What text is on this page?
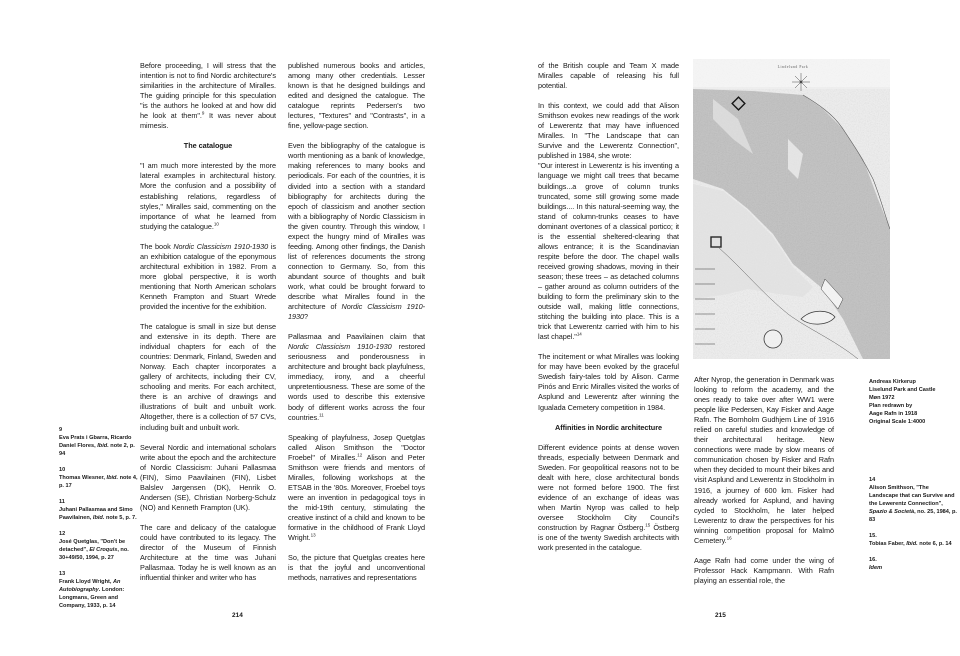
9
Eva Prats i Gbarra, Ricardo Daniel Flores, Ibid. note 2, p. 94
10
Thomas Wiesner, Ibid. note 4, p. 17
11
Juhani Pallasmaa and Simo Paavilainen, Ibid. note 5, p. 7.
12
José Quetglas, "Don't be detached", El Croquis, no. 30+49/50, 1994, p. 27
13
Frank Lloyd Wright, An Autobiography. London: Longmans, Green and Company, 1933, p. 14

Before proceeding, I will stress that the intention is not to find Nordic architecture's similarities in the architecture of Miralles. The guiding principle for this speculation "is the authors he looked at and how did he look at them".$^9$ It was never about mimesis.

The catalogue

"I am much more interested by the more lateral examples in architectural history. More the confusion and a possibility of establishing relations, regardless of styles," Miralles said, commenting on the importance of what he learned from studying the catalogue.$^{10}$

The book Nordic Classicism 1910-1930 is an exhibition catalogue of the eponymous architectural exhibition in 1982. From a more global perspective, it is worth mentioning that North American scholars Kenneth Frampton and Stuart Wrede provided the incentive for the exhibition.

The catalogue is small in size but dense and extensive in its depth. There are individual chapters for each of the countries: Denmark, Finland, Sweden and Norway. Each chapter incorporates a gallery of architects, including their CV, schooling and merits. For each architect, there is an archive of drawings and illustrations of built and unbuilt work. Altogether, there is a collection of 57 CVs, including built and unbuilt work.

Several Nordic and international scholars write about the epoch and the architecture of Nordic Classicism: Juhani Pallasmaa (FIN), Simo Paavilainen (FIN), Lisbet Balslev Jørgensen (DK), Henrik O. Andersen (SE), Christian Norberg-Schulz (NO) and Kenneth Frampton (UK).

The care and delicacy of the catalogue could have contributed to its legacy. The director of the Museum of Finnish Architecture at the time was Juhani Pallasmaa. Today he is well known as an influential thinker and writer who has

published numerous books and articles, among many other credentials. Lesser known is that he designed buildings and edited and designed the catalogue. The catalogue reprints Pedersen's two lectures, "Textures" and "Contrasts", in a fine, yellow-page section.

Even the bibliography of the catalogue is worth mentioning as a bank of knowledge, making references to many books and periodicals. For each of the countries, it is divided into a section with a standard bibliography for architects during the epoch of classicism and another section with a bibliography of Nordic Classicism in the given country. Through this window, I expect the hungry mind of Miralles was feeding. Among other findings, the Danish list of references documents the strong connection to Germany. So, from this abundant source of thoughts and built work, what could be brought forward to describe what Miralles found in the architecture of Nordic Classicism 1910-1930?

Pallasmaa and Paavilainen claim that Nordic Classicism 1910-1930 restored seriousness and ponderousness in architecture and brought back playfulness, immediacy, irony, and a cheerful unpretentiousness. These are some of the words used to describe this extensive body of different works across the four countries.$^{11}$

Speaking of playfulness, Josep Quetglas called Alison Smithson the "Doctor Froebel" of Miralles.$^{12}$ Alison and Peter Smithson were friends and mentors of Miralles, following workshops at the ETSAB in the '80s. Moreover, Froebel toys were an invention in pedagogical toys in the mid-19th century, stimulating the creative instinct of a child and known to be formative in the childhood of Frank Lloyd Wright.$^{13}$

So, the picture that Quetglas creates here is that the joyful and unconventional methods, narratives and representations

214

of the British couple and Team X made Miralles capable of releasing his full potential.

In this context, we could add that Alison Smithson evokes new readings of the work of Lewerentz that may have influenced Miralles. In "The Landscape that can Survive and the Lewerentz Connection", published in 1984, she wrote:

"Our interest in Lewerentz is his inventing a language we might call trees that became buildings...a grove of column trunks truncated, some still growing some made buildings.... In this natural-seeming way, the stand of column-trunks ceases to have dominant overtones of a classical portico; it is the essential sheltered-clearing that allows entrance; it is the Scandinavian respite before the door. The chapel walls received growing shadows, moving in their season; these trees – as detached columns – gather around as column outriders of the building to form the preliminary skin to the outside wall, making little connections, stitching the building into place. This is a trick that Lewerentz carried with him to his last chapel."$^{14}$

The incitement or what Miralles was looking for may have been evoked by the graceful Swedish fairy-tales told by Alison. Carme Pinós and Enric Miralles visited the works of Asplund and Lewerentz after winning the Igualada Cemetery competition in 1984.

Affinities in Nordic architecture

Different evidence points at dense woven threads, especially between Denmark and Sweden. For geopolitical reasons not to be dealt with here, close architectural bonds were not formed before 1900. The first evidence of an exchange of ideas was when Martin Nyrop was called to help oversee Stockholm City Council's construction by Ragnar Östberg.$^{15}$ Östberg is one of the twenty Swedish architects with work presented in the catalogue.

Lindelund Park
Andreas Kirkerup
Liselund Park and Castle
Møn 1972
Plan redrawn by
Aage Rafn in 1918
Original Scale 1:4000

After Nyrop, the generation in Denmark was looking to reform the academy, and the ones ready to take over after WW1 were people like Pedersen, Kay Fisker and Aage Rafn. The Bornholm Gudhjem Line of 1916 relied on careful studies and knowledge of their architectural heritage. New connections were made by slow means of communication chosen by Fisker and Rafn when they decided to mount their bikes and visit Asplund and Lewerentz in Stockholm in 1916, a journey of 600 km. Fisker had already worked for Asplund, and having cycled to Stockholm, he later helped Lewerentz to draw the perspectives for his winning competition proposal for Malmö Cemetery.$^{16}$

Aage Rafn had come under the wing of Professor Hack Kampmann. With Rafn playing an essential role, the

14
Alison Smithson, "The Landscape that can Survive and the Lewerentz Connection", Spazio & Società, no. 25, 1984, p. 83
15.
Tobias Faber, Ibid. note 6, p. 14
16.
Idem
215
